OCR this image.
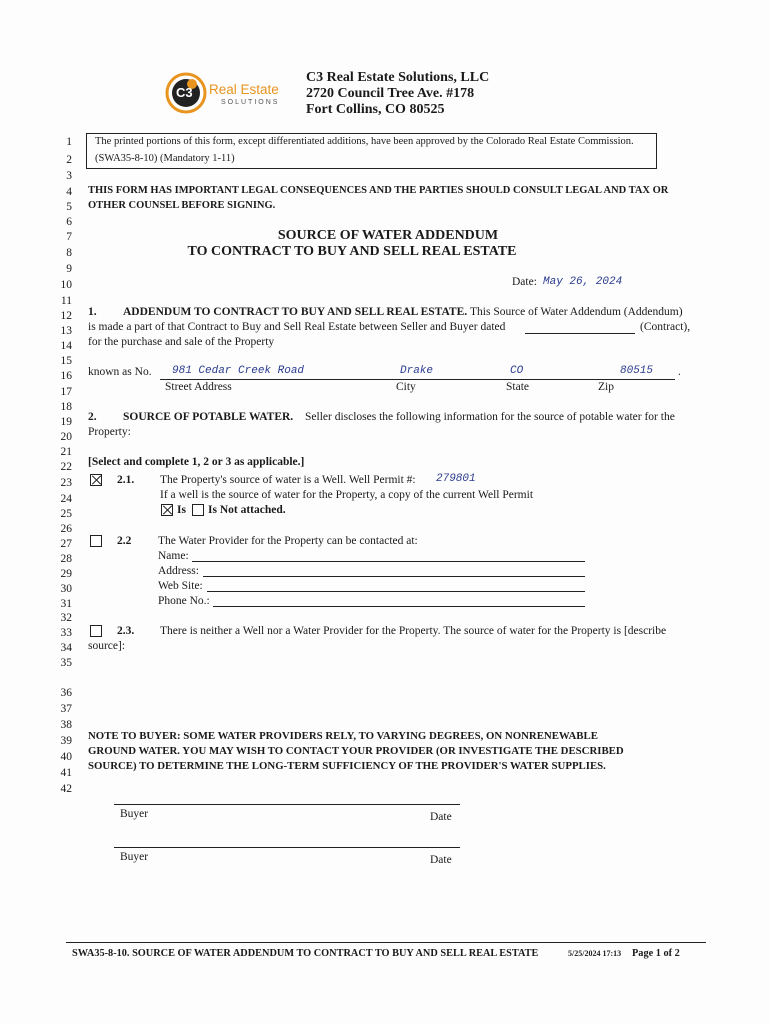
C3 Real Estate
SOLUTIONS
C3 Real Estate Solutions, LLC
2720 Council Tree Ave. #178
Fort Collins, CO 80525
1
2
3
4
5
6
7
8
9
10
11
12
13
14
15
16
17
18
19
20
21
22
23
24
25
26
27
28
29
30
31
32
33
34
35
36
37
38
39
40
41
42
The printed portions of this form, except differentiated additions, have been approved by the Colorado Real Estate Commission.
(SWA35-8-10) (Mandatory 1-11)
THIS FORM HAS IMPORTANT LEGAL CONSEQUENCES AND THE PARTIES SHOULD CONSULT LEGAL AND TAX OR
OTHER COUNSEL BEFORE SIGNING.
SOURCE OF WATER ADDENDUM
TO CONTRACT TO BUY AND SELL REAL ESTATE
Date: May 26, 2024
1. ADDENDUM TO CONTRACT TO BUY AND SELL REAL ESTATE. This Source of Water Addendum (Addendum)
is made a part of that Contract to Buy and Sell Real Estate between Seller and Buyer dated	(Contract),
for the purchase and sale of the Property
known as No. 981 Cedar Creek Road	Drake	CO	80515 .
Street Address	City	State	Zip
2. SOURCE OF POTABLE WATER. Seller discloses the following information for the source of potable water for the
Property:
[Select and complete 1, 2 or 3 as applicable.]
2.1. The Property's source of water is a Well. Well Permit #: 279801
If a well is the source of water for the Property, a copy of the current Well Permit
Is Is Not attached.
2.2 The Water Provider for the Property can be contacted at:
Name:
Address:
Web Site:
Phone No.:
2.3. There is neither a Well nor a Water Provider for the Property. The source of water for the Property is [describe
source]:
NOTE TO BUYER: SOME WATER PROVIDERS RELY, TO VARYING DEGREES, ON NONRENEWABLE
GROUND WATER. YOU MAY WISH TO CONTACT YOUR PROVIDER (OR INVESTIGATE THE DESCRIBED
SOURCE) TO DETERMINE THE LONG-TERM SUFFICIENCY OF THE PROVIDER'S WATER SUPPLIES.
Buyer	Date
Buyer	Date
SWA35-8-10. SOURCE OF WATER ADDENDUM TO CONTRACT TO BUY AND SELL REAL ESTATE	5/25/2024 17:13 Page 1 of 2
